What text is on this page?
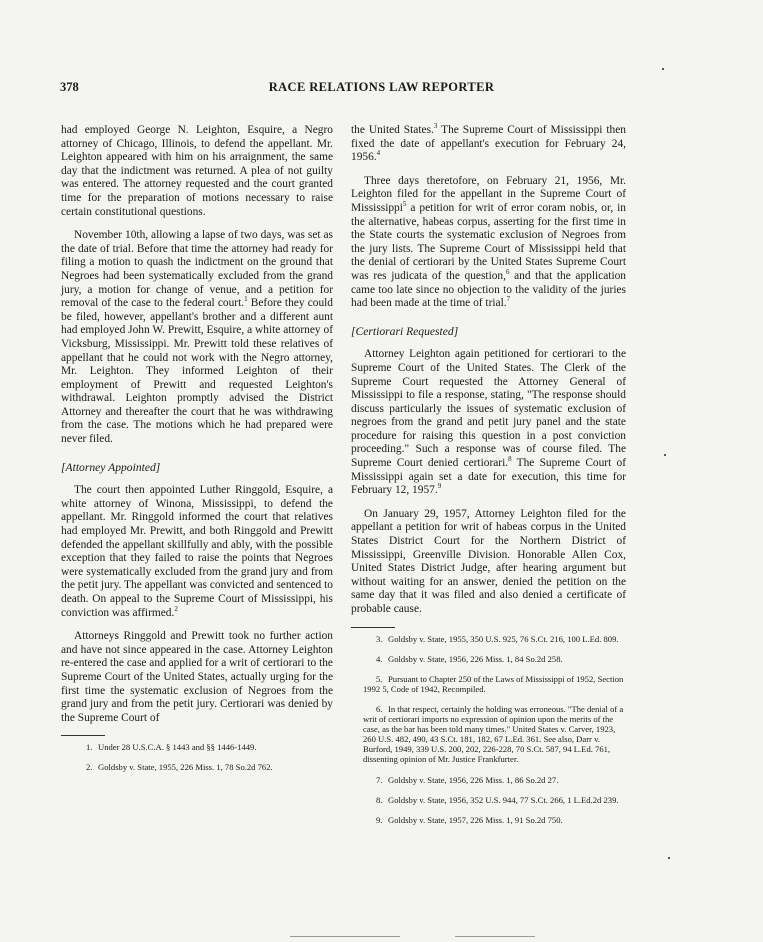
378	RACE RELATIONS LAW REPORTER

had employed George N. Leighton, Esquire, a Negro attorney of Chicago, Illinois, to defend the appellant. Mr. Leighton appeared with him on his arraignment, the same day that the indictment was returned. A plea of not guilty was entered. The attorney requested and the court granted time for the preparation of motions necessary to raise certain constitutional questions.

November 10th, allowing a lapse of two days, was set as the date of trial. Before that time the attorney had ready for filing a motion to quash the indictment on the ground that Negroes had been systematically excluded from the grand jury, a motion for change of venue, and a petition for removal of the case to the federal court.$^1$ Before they could be filed, however, appellant's brother and a different aunt had employed John W. Prewitt, Esquire, a white attorney of Vicksburg, Mississippi. Mr. Prewitt told these relatives of appellant that he could not work with the Negro attorney, Mr. Leighton. They informed Leighton of their employment of Prewitt and requested Leighton's withdrawal. Leighton promptly advised the District Attorney and thereafter the court that he was withdrawing from the case. The motions which he had prepared were never filed.

[Attorney Appointed]

The court then appointed Luther Ringgold, Esquire, a white attorney of Winona, Mississippi, to defend the appellant. Mr. Ringgold informed the court that relatives had employed Mr. Prewitt, and both Ringgold and Prewitt defended the appellant skillfully and ably, with the possible exception that they failed to raise the points that Negroes were systematically excluded from the grand jury and from the petit jury. The appellant was convicted and sentenced to death. On appeal to the Supreme Court of Mississippi, his conviction was affirmed.$^2$

Attorneys Ringgold and Prewitt took no further action and have not since appeared in the case. Attorney Leighton re-entered the case and applied for a writ of certiorari to the Supreme Court of the United States, actually urging for the first time the systematic exclusion of Negroes from the grand jury and from the petit jury. Certiorari was denied by the Supreme Court of

1. Under 28 U.S.C.A. § 1443 and §§ 1446-1449.

2. Goldsby v. State, 1955, 226 Miss. 1, 78 So.2d 762.

the United States.$^3$ The Supreme Court of Mississippi then fixed the date of appellant's execution for February 24, 1956.$^4$

Three days theretofore, on February 21, 1956, Mr. Leighton filed for the appellant in the Supreme Court of Mississippi$^5$ a petition for writ of error coram nobis, or, in the alternative, habeas corpus, asserting for the first time in the State courts the systematic exclusion of Negroes from the jury lists. The Supreme Court of Mississippi held that the denial of certiorari by the United States Supreme Court was res judicata of the question,$^6$ and that the application came too late since no objection to the validity of the juries had been made at the time of trial.$^7$

[Certiorari Requested]

Attorney Leighton again petitioned for certiorari to the Supreme Court of the United States. The Clerk of the Supreme Court requested the Attorney General of Mississippi to file a response, stating, "The response should discuss particularly the issues of systematic exclusion of negroes from the grand and petit jury panel and the state procedure for raising this question in a post conviction proceeding." Such a response was of course filed. The Supreme Court denied certiorari.$^8$ The Supreme Court of Mississippi again set a date for execution, this time for February 12, 1957.$^9$

On January 29, 1957, Attorney Leighton filed for the appellant a petition for writ of habeas corpus in the United States District Court for the Northern District of Mississippi, Greenville Division. Honorable Allen Cox, United States District Judge, after hearing argument but without waiting for an answer, denied the petition on the same day that it was filed and also denied a certificate of probable cause.

3. Goldsby v. State, 1955, 350 U.S. 925, 76 S.Ct. 216, 100 L.Ed. 809.

4. Goldsby v. State, 1956, 226 Miss. 1, 84 So.2d 258.

5. Pursuant to Chapter 250 of the Laws of Mississippi of 1952, Section 1992 5, Code of 1942, Recompiled.

6. In that respect, certainly the holding was erroneous. "The denial of a writ of certiorari imports no expression of opinion upon the merits of the case, as the bar has been told many times." United States v. Carver, 1923, 260 U.S. 482, 490, 43 S.Ct. 181, 182, 67 L.Ed. 361. See also, Darr v. Burford, 1949, 339 U.S. 200, 202, 226-228, 70 S.Ct. 587, 94 L.Ed. 761, dissenting opinion of Mr. Justice Frankfurter.

7. Goldsby v. State, 1956, 226 Miss. 1, 86 So.2d 27.

8. Goldsby v. State, 1956, 352 U.S. 944, 77 S.Ct. 266, 1 L.Ed.2d 239.

9. Goldsby v. State, 1957, 226 Miss. 1, 91 So.2d 750.
